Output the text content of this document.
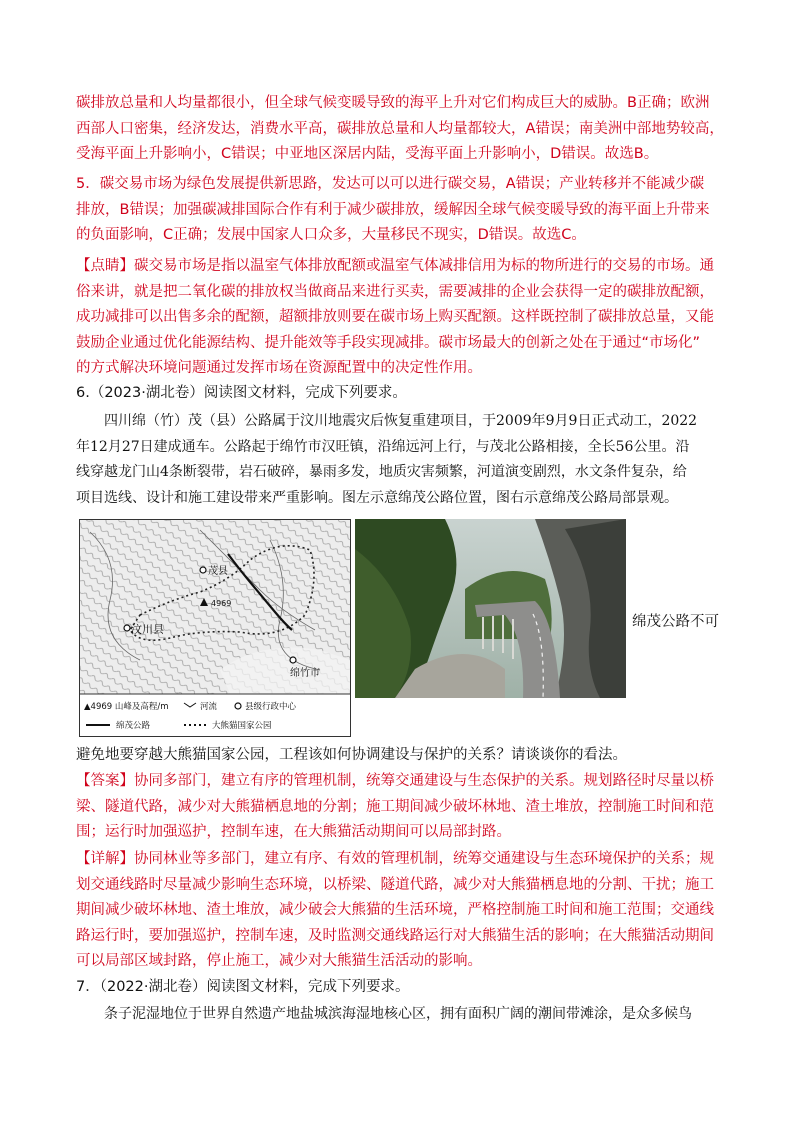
碳排放总量和人均量都很小，但全球气候变暖导致的海平上升对它们构成巨大的威胁。B正确；欧洲
西部人口密集，经济发达，消费水平高，碳排放总量和人均量都较大，A错误；南美洲中部地势较高，
受海平面上升影响小，C错误；中亚地区深居内陆，受海平面上升影响小，D错误。故选B。
5．碳交易市场为绿色发展提供新思路，发达可以可以进行碳交易，A错误；产业转移并不能减少碳
排放，B错误；加强碳减排国际合作有利于减少碳排放，缓解因全球气候变暖导致的海平面上升带来
的负面影响，C正确；发展中国家人口众多，大量移民不现实，D错误。故选C。
【点睛】碳交易市场是指以温室气体排放配额或温室气体减排信用为标的物所进行的交易的市场。通
俗来讲，就是把二氧化碳的排放权当做商品来进行买卖，需要减排的企业会获得一定的碳排放配额，
成功减排可以出售多余的配额，超额排放则要在碳市场上购买配额。这样既控制了碳排放总量，又能
鼓励企业通过优化能源结构、提升能效等手段实现减排。碳市场最大的创新之处在于通过“市场化”
的方式解决环境问题通过发挥市场在资源配置中的决定性作用。
6.（2023·湖北卷）阅读图文材料，完成下列要求。
四川绵（竹）茂（县）公路属于汶川地震灾后恢复重建项目，于2009年9月9日正式动工，2022
年12月27日建成通车。公路起于绵竹市汉旺镇，沿绵远河上行，与茂北公路相接，全长56公里。沿
线穿越龙门山4条断裂带，岩石破碎，暴雨多发，地质灾害频繁，河道演变剧烈，水文条件复杂，给
项目选线、设计和施工建设带来严重影响。图左示意绵茂公路位置，图右示意绵茂公路局部景观。
茂县
4969
汶川县
绵竹市
▲4969 山峰及高程/m	河流	县级行政中心
绵茂公路	大熊猫国家公园
绵茂公路不可
避免地要穿越大熊猫国家公园，工程该如何协调建设与保护的关系？请谈谈你的看法。
【答案】协同多部门，建立有序的管理机制，统筹交通建设与生态保护的关系。规划路径时尽量以桥
梁、隧道代路，减少对大熊猫栖息地的分割；施工期间减少破坏林地、渣土堆放，控制施工时间和范
围；运行时加强巡护，控制车速，在大熊猫活动期间可以局部封路。
【详解】协同林业等多部门，建立有序、有效的管理机制，统筹交通建设与生态环境保护的关系；规
划交通线路时尽量减少影响生态环境，以桥梁、隧道代路，减少对大熊猫栖息地的分割、干扰；施工
期间减少破坏林地、渣土堆放，减少破会大熊猫的生活环境，严格控制施工时间和施工范围；交通线
路运行时，要加强巡护，控制车速，及时监测交通线路运行对大熊猫生活的影响；在大熊猫活动期间
可以局部区域封路，停止施工，减少对大熊猫生活活动的影响。
7．（2022·湖北卷）阅读图文材料，完成下列要求。
条子泥湿地位于世界自然遗产地盐城滨海湿地核心区，拥有面积广阔的潮间带滩涂，是众多候鸟
